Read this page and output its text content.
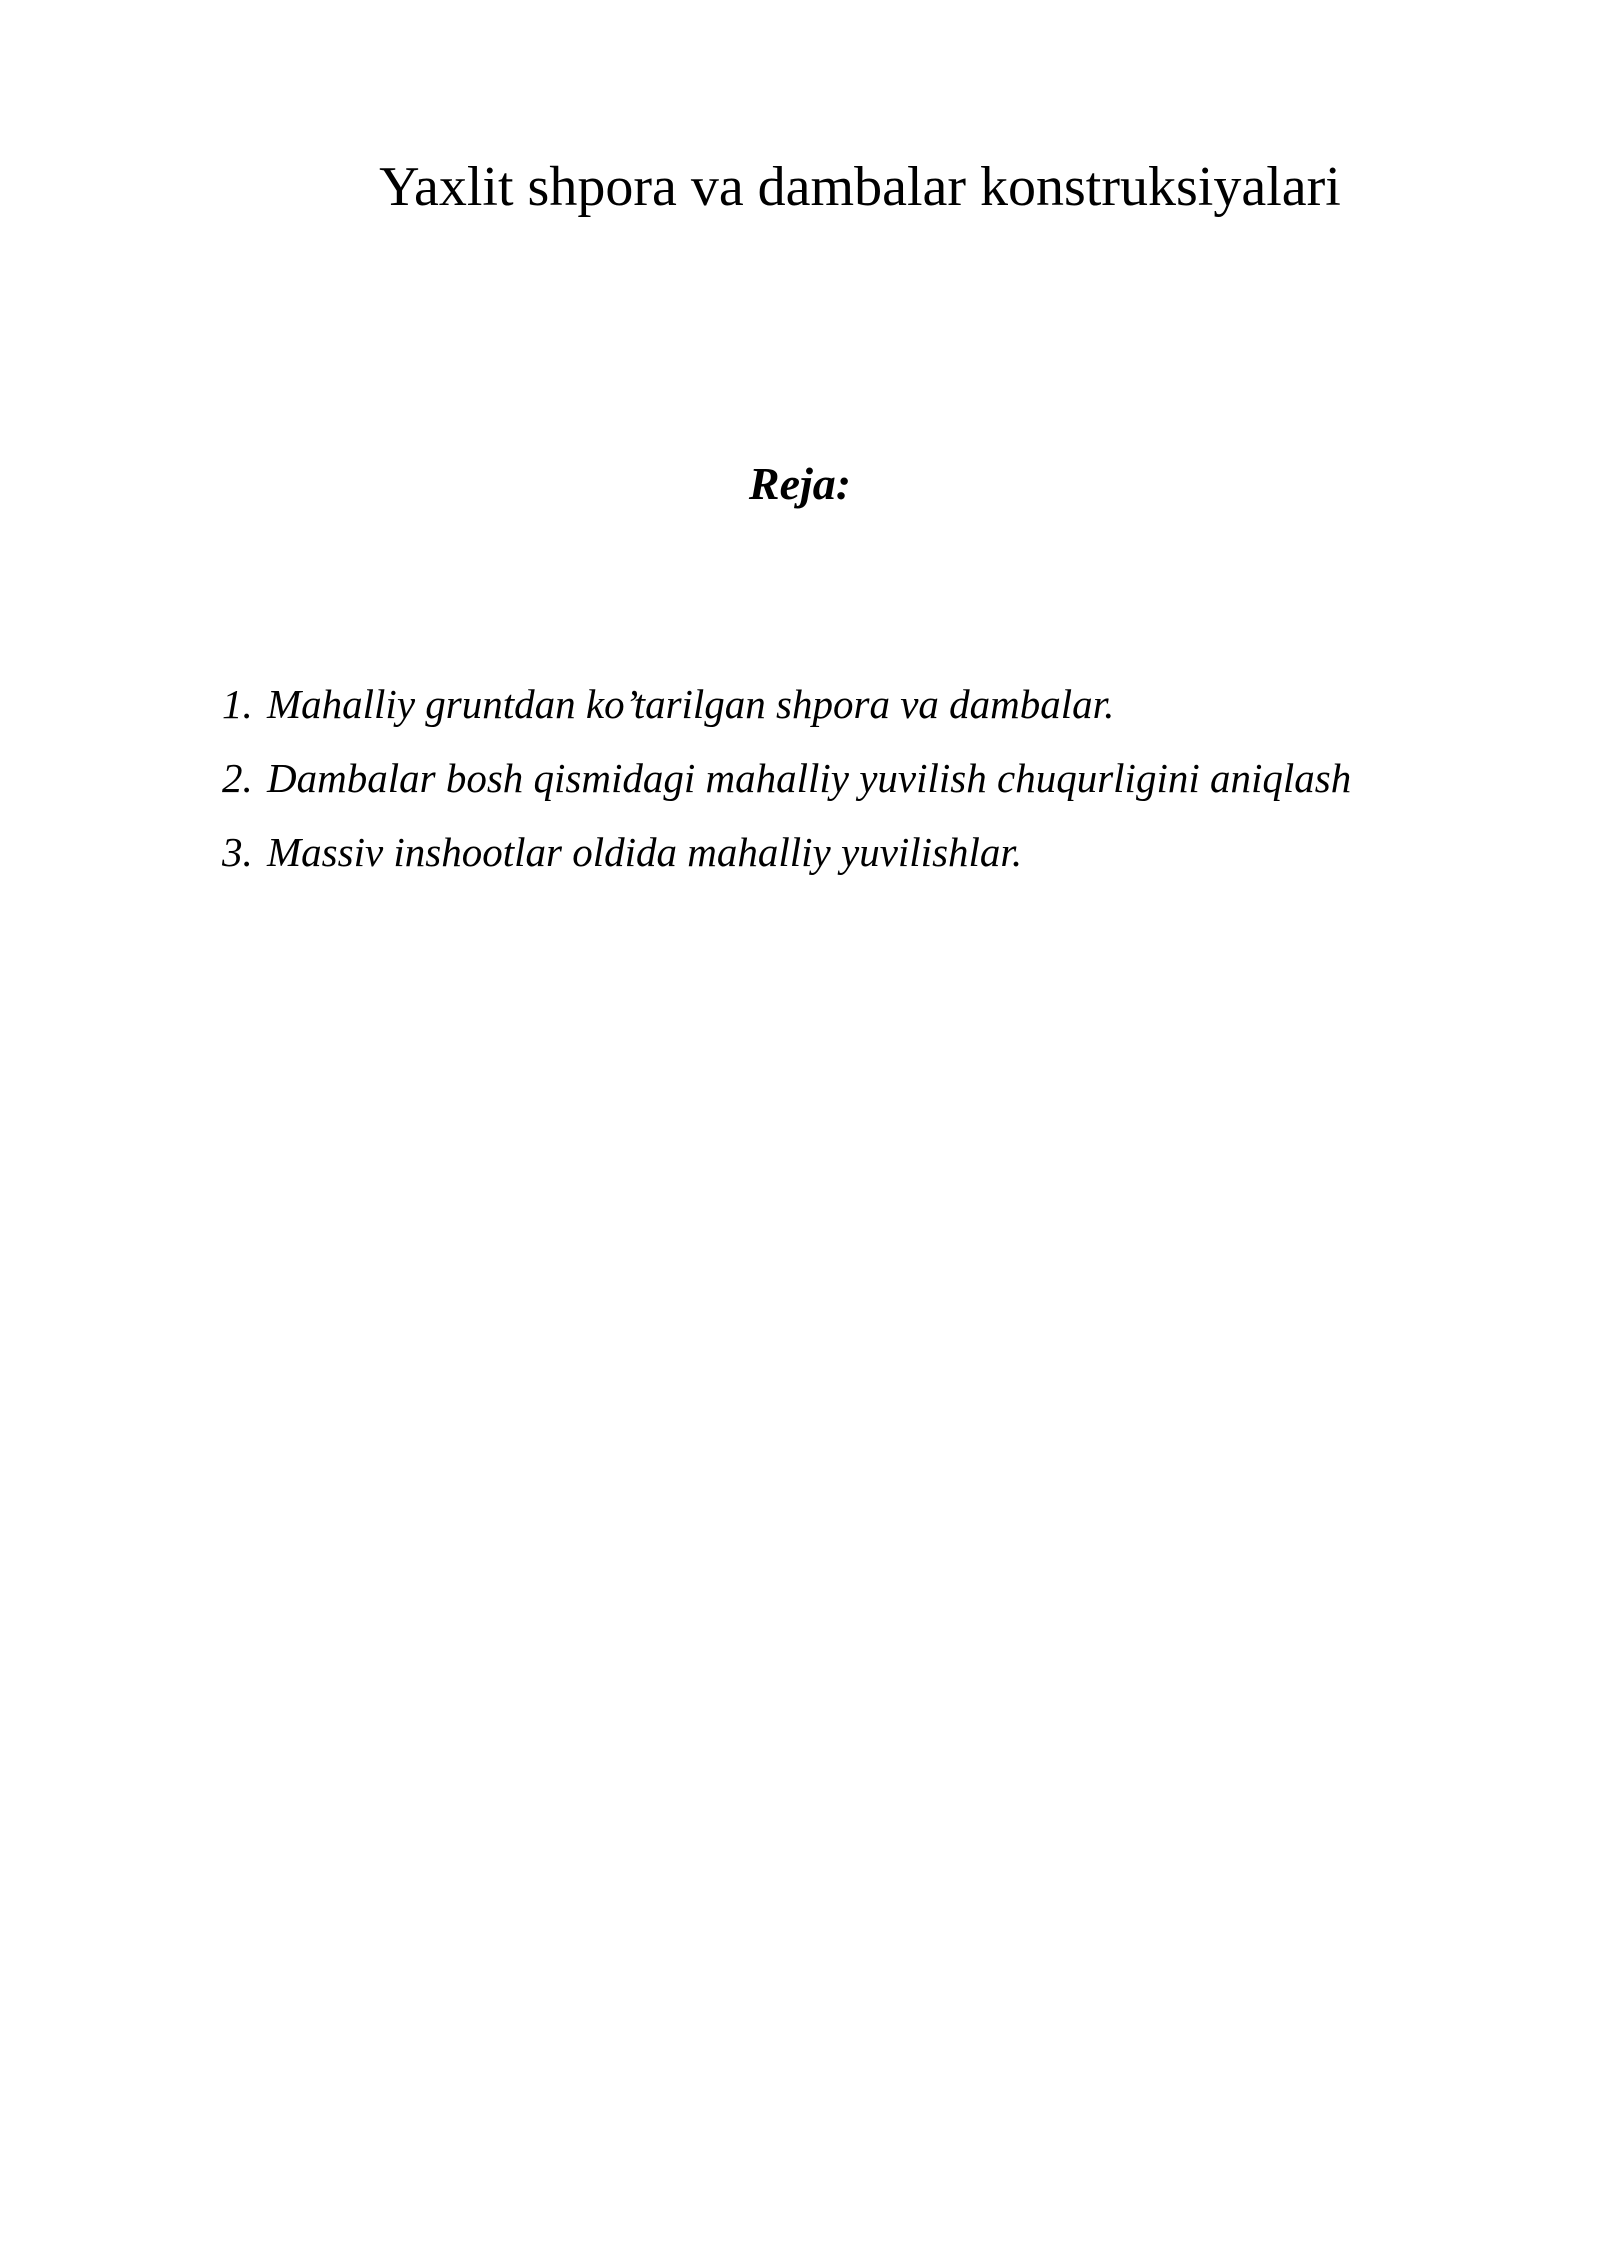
Yaxlit shpora va dambalar konstruksiyalari
Reja:
1. Mahalliy gruntdan ko’tarilgan shpora va dambalar.
2. Dambalar bosh qismidagi mahalliy yuvilish chuqurligini aniqlash
3. Massiv inshootlar oldida mahalliy yuvilishlar.
